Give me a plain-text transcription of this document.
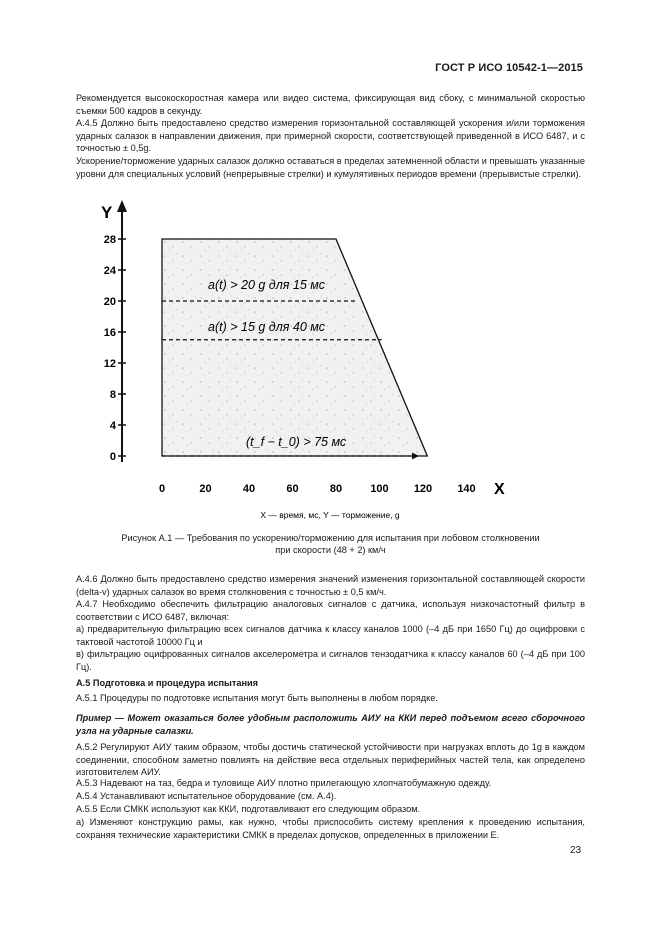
ГОСТ Р ИСО 10542-1—2015

Рекомендуется высокоскоростная камера или видео система, фиксирующая вид сбоку, с минимальной скоростью съемки 500 кадров в секунду.

А.4.5 Должно быть предоставлено средство измерения горизонтальной составляющей ускорения и/или торможения ударных салазок в направлении движения, при примерной скорости, соответствующей приведенной в ИСО 6487, и с точностью ± 0,5g.

Ускорение/торможение ударных салазок должно оставаться в пределах затемненной области и превышать указанные уровни для специальных условий (непрерывные стрелки) и кумулятивных периодов времени (прерывистые стрелки).

Y
0
4
8
12
16
20
24
28
0	20	40	60	80	100 120 140
a(t) > 20 g для 15 мс
a(t) > 15 g для 40 мс
(t_f − t_0) > 75 мс
X
X — время, мс, Y — торможение, g
Рисунок А.1 — Требования по ускорению/торможению для испытания при лобовом столкновении
при скорости (48 + 2) км/ч

А.4.6 Должно быть предоставлено средство измерения значений изменения горизонтальной составляющей скорости (delta-v) ударных салазок во время столкновения с точностью ± 0,5 км/ч.

А.4.7 Необходимо обеспечить фильтрацию аналоговых сигналов с датчика, используя низкочастотный фильтр в соответствии с ИСО 6487, включая:

а) предварительную фильтрацию всех сигналов датчика к классу каналов 1000 (–4 дБ при 1650 Гц) до оцифровки с тактовой частотой 10000 Гц и

в) фильтрацию оцифрованных сигналов акселерометра и сигналов тензодатчика к классу каналов 60 (–4 дБ при 100 Гц).

А.5 Подготовка и процедура испытания

А.5.1 Процедуры по подготовке испытания могут быть выполнены в любом порядке.

Пример — Может оказаться более удобным расположить АИУ на ККИ перед подъемом всего сборочного узла на ударные салазки.

А.5.2 Регулируют АИУ таким образом, чтобы достичь статической устойчивости при нагрузках вплоть до 1g в каждом соединении, способном заметно повлиять на действие веса отдельных периферийных частей тела, как определено изготовителем АИУ.

А.5.3 Надевают на таз, бедра и туловище АИУ плотно прилегающую хлопчатобумажную одежду.

А.5.4 Устанавливают испытательное оборудование (см. А.4).

А.5.5 Если СМКК используют как ККИ, подготавливают его следующим образом.

а) Изменяют конструкцию рамы, как нужно, чтобы приспособить систему крепления к проведению испытания, сохраняя технические характеристики СМКК в пределах допусков, определенных в приложении Е.

23
